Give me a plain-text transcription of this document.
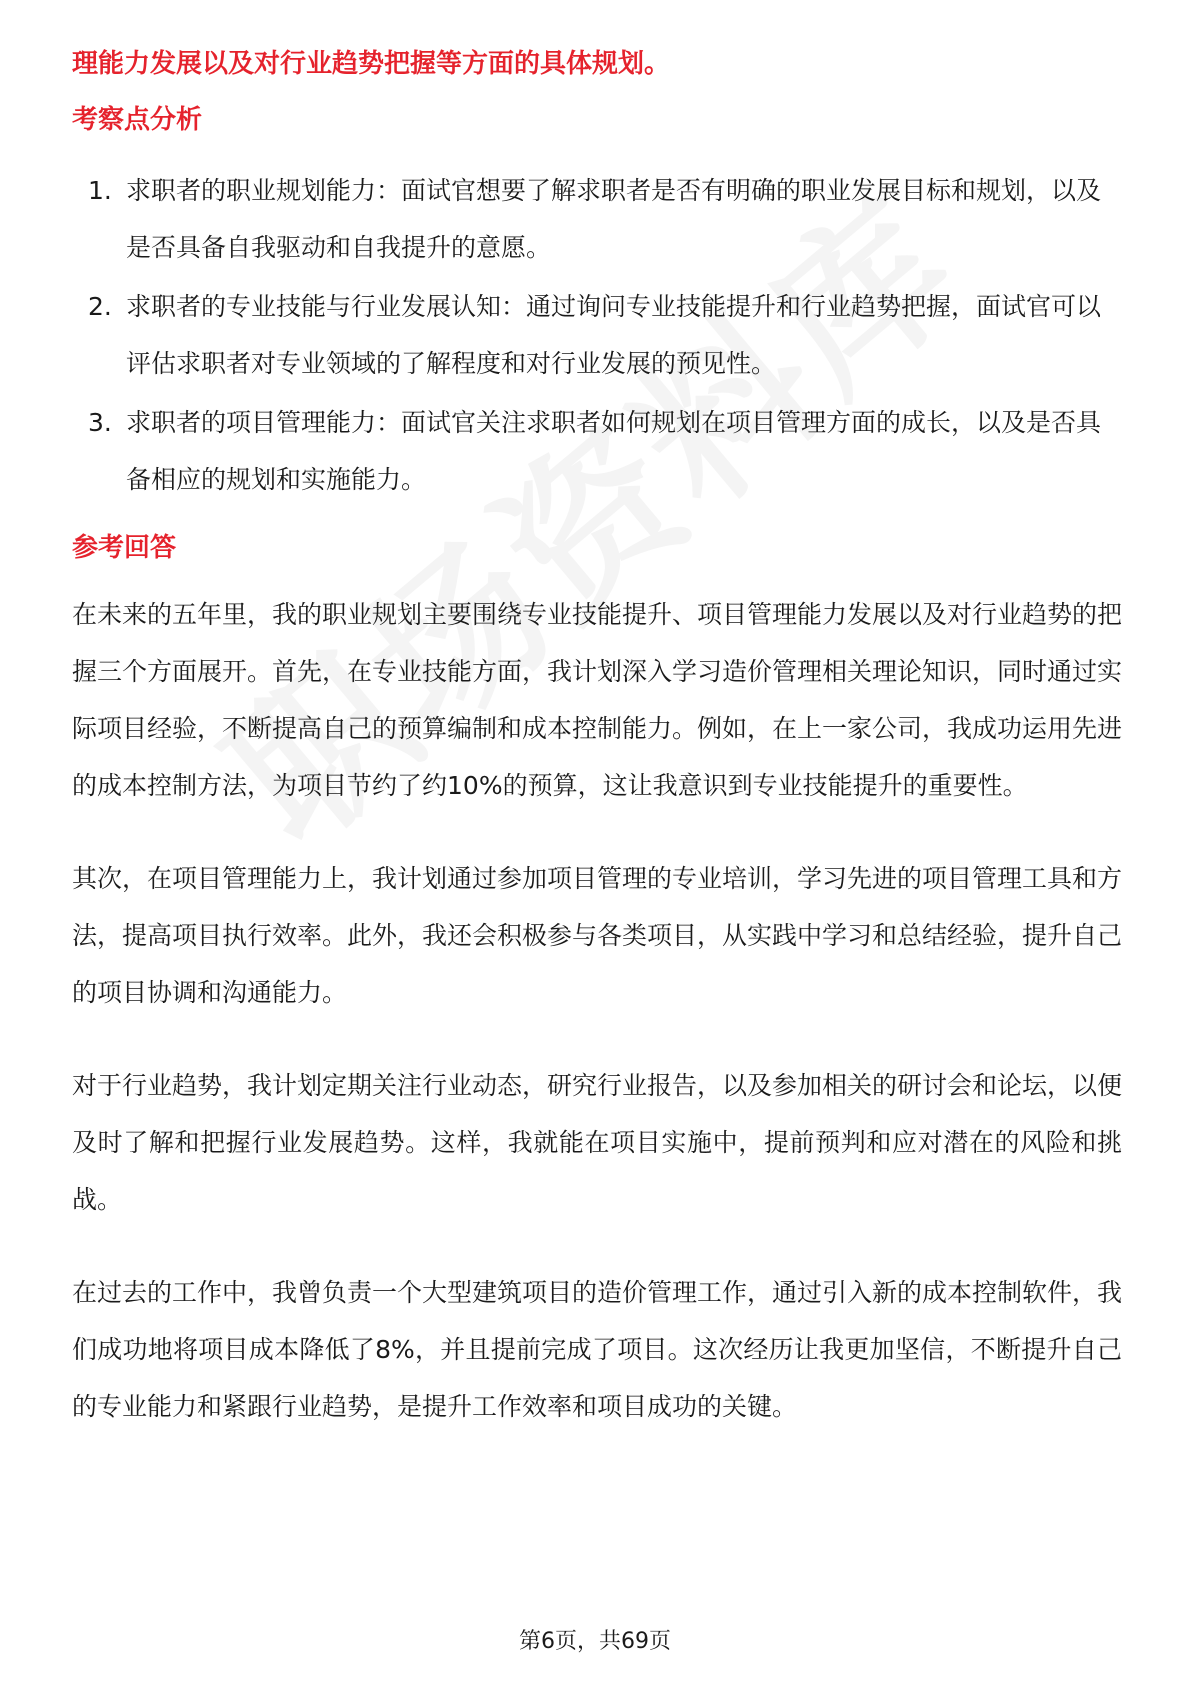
理能力发展以及对行业趋势把握等方面的具体规划。

考察点分析
1. 求职者的职业规划能力：面试官想要了解求职者是否有明确的职业发展目标和规划，以及是否具备自我驱动和自我提升的意愿。
2. 求职者的专业技能与行业发展认知：通过询问专业技能提升和行业趋势把握，面试官可以评估求职者对专业领域的了解程度和对行业发展的预见性。
3. 求职者的项目管理能力：面试官关注求职者如何规划在项目管理方面的成长，以及是否具备相应的规划和实施能力。
参考回答

在未来的五年里，我的职业规划主要围绕专业技能提升、项目管理能力发展以及对行业趋势的把握三个方面展开。首先，在专业技能方面，我计划深入学习造价管理相关理论知识，同时通过实际项目经验，不断提高自己的预算编制和成本控制能力。例如，在上一家公司，我成功运用先进的成本控制方法，为项目节约了约10%的预算，这让我意识到专业技能提升的重要性。

其次，在项目管理能力上，我计划通过参加项目管理的专业培训，学习先进的项目管理工具和方法，提高项目执行效率。此外，我还会积极参与各类项目，从实践中学习和总结经验，提升自己的项目协调和沟通能力。

对于行业趋势，我计划定期关注行业动态，研究行业报告，以及参加相关的研讨会和论坛，以便及时了解和把握行业发展趋势。这样，我就能在项目实施中，提前预判和应对潜在的风险和挑战。

在过去的工作中，我曾负责一个大型建筑项目的造价管理工作，通过引入新的成本控制软件，我们成功地将项目成本降低了8%，并且提前完成了项目。这次经历让我更加坚信，不断提升自己的专业能力和紧跟行业趋势，是提升工作效率和项目成功的关键。

第6页，共69页
